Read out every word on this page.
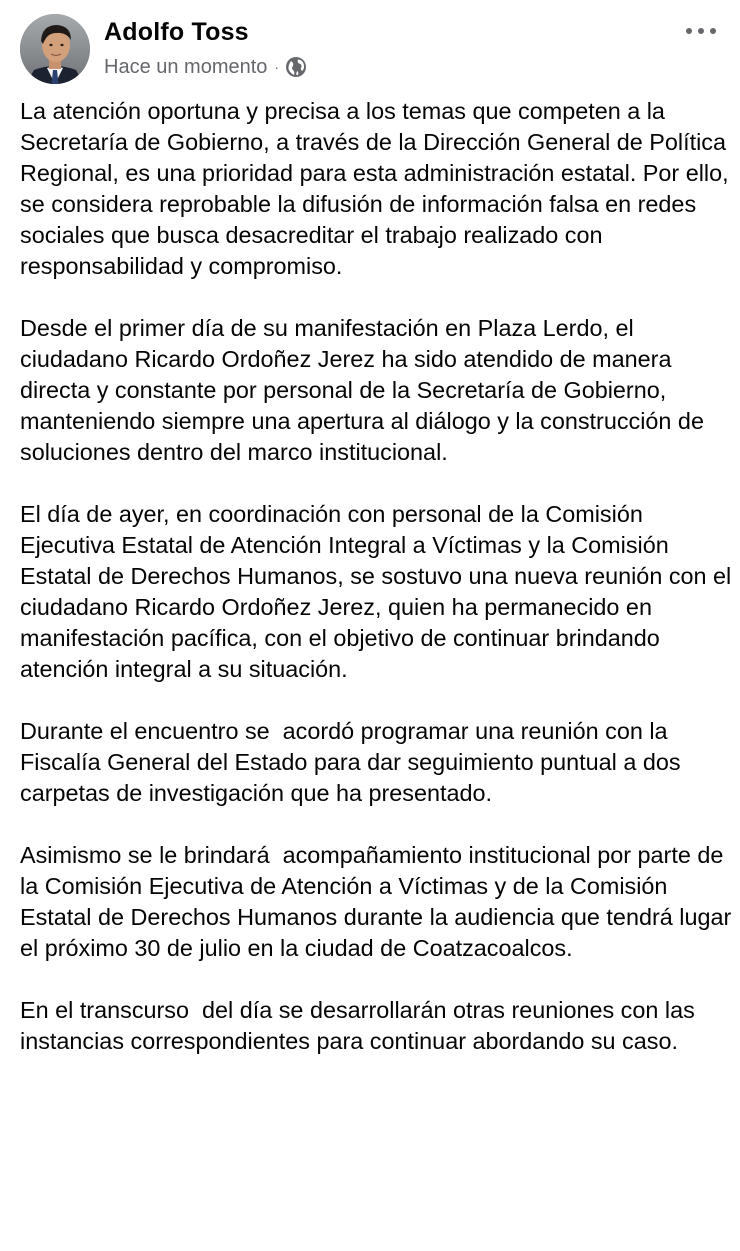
Adolfo Toss
Hace un momento ·

La atención oportuna y precisa a los temas que competen a la Secretaría de Gobierno, a través de la Dirección General de Política Regional, es una prioridad para esta administración estatal. Por ello, se considera reprobable la difusión de información falsa en redes sociales que busca desacreditar el trabajo realizado con responsabilidad y compromiso.

Desde el primer día de su manifestación en Plaza Lerdo, el ciudadano Ricardo Ordoñez Jerez ha sido atendido de manera directa y constante por personal de la Secretaría de Gobierno, manteniendo siempre una apertura al diálogo y la construcción de soluciones dentro del marco institucional.

El día de ayer, en coordinación con personal de la Comisión Ejecutiva Estatal de Atención Integral a Víctimas y la Comisión Estatal de Derechos Humanos, se sostuvo una nueva reunión con el ciudadano Ricardo Ordoñez Jerez, quien ha permanecido en manifestación pacífica, con el objetivo de continuar brindando atención integral a su situación.

Durante el encuentro se  acordó programar una reunión con la Fiscalía General del Estado para dar seguimiento puntual a dos carpetas de investigación que ha presentado.

Asimismo se le brindará  acompañamiento institucional por parte de la Comisión Ejecutiva de Atención a Víctimas y de la Comisión Estatal de Derechos Humanos durante la audiencia que tendrá lugar el próximo 30 de julio en la ciudad de Coatzacoalcos.

En el transcurso  del día se desarrollarán otras reuniones con las instancias correspondientes para continuar abordando su caso.
